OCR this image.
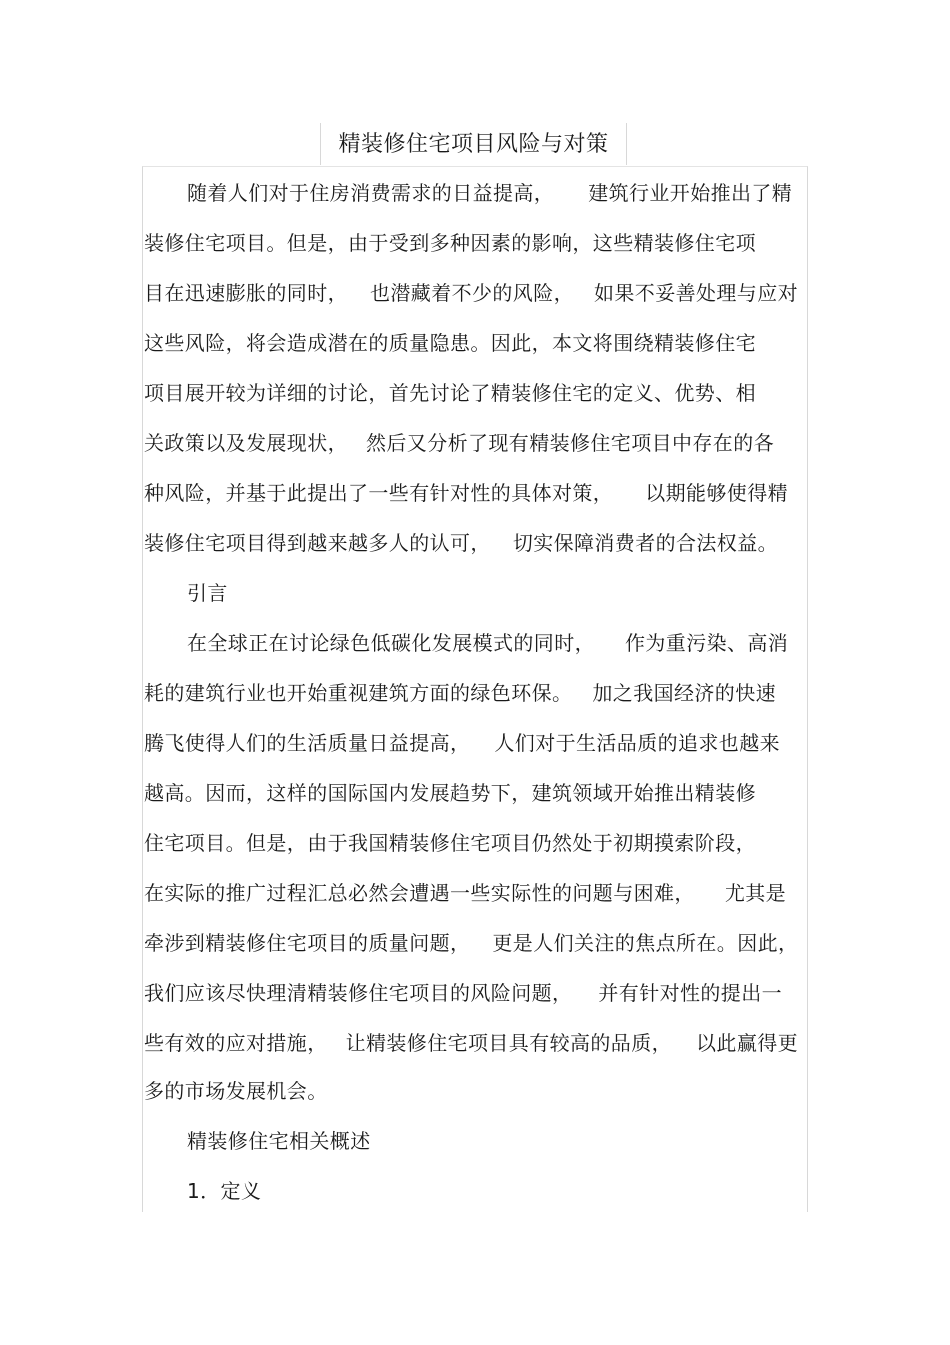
精装修住宅项目风险与对策
随着人们对于住房消费需求的日益提高， 建筑行业开始推出了精
装修住宅项目。但是，由于受到多种因素的影响，这些精装修住宅项
目在迅速膨胀的同时， 也潜藏着不少的风险， 如果不妥善处理与应对
这些风险，将会造成潜在的质量隐患。因此，本文将围绕精装修住宅
项目展开较为详细的讨论，首先讨论了精装修住宅的定义、优势、相
关政策以及发展现状， 然后又分析了现有精装修住宅项目中存在的各
种风险，并基于此提出了一些有针对性的具体对策， 以期能够使得精
装修住宅项目得到越来越多人的认可， 切实保障消费者的合法权益。
引言
在全球正在讨论绿色低碳化发展模式的同时， 作为重污染、高消
耗的建筑行业也开始重视建筑方面的绿色环保。 加之我国经济的快速
腾飞使得人们的生活质量日益提高， 人们对于生活品质的追求也越来
越高。因而，这样的国际国内发展趋势下，建筑领域开始推出精装修
住宅项目。但是，由于我国精装修住宅项目仍然处于初期摸索阶段，
在实际的推广过程汇总必然会遭遇一些实际性的问题与困难， 尤其是
牵涉到精装修住宅项目的质量问题， 更是人们关注的焦点所在。因此，
我们应该尽快理清精装修住宅项目的风险问题， 并有针对性的提出一
些有效的应对措施， 让精装修住宅项目具有较高的品质， 以此赢得更
多的市场发展机会。
精装修住宅相关概述
1．定义
